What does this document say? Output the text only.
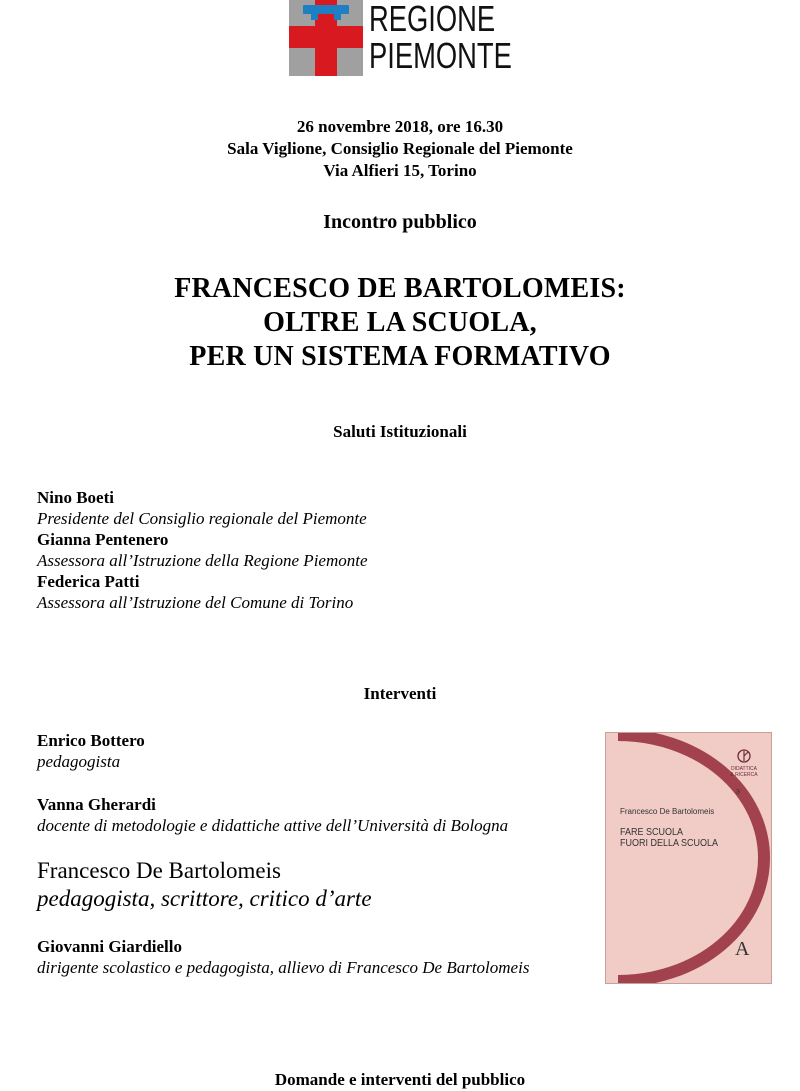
REGIONE
PIEMONTE
26 novembre 2018, ore 16.30
Sala Viglione, Consiglio Regionale del Piemonte
Via Alfieri 15, Torino
Incontro pubblico
FRANCESCO DE BARTOLOMEIS:
OLTRE LA SCUOLA,
PER UN SISTEMA FORMATIVO
Saluti Istituzionali
Nino Boeti
Presidente del Consiglio regionale del Piemonte
Gianna Pentenero
Assessora all’Istruzione della Regione Piemonte
Federica Patti
Assessora all’Istruzione del Comune di Torino
Interventi
Enrico Bottero
pedagogista
Vanna Gherardi
docente di metodologie e didattiche attive dell’Università di Bologna
Francesco De Bartolomeis
pedagogista, scrittore, critico d’arte
Giovanni Giardiello
dirigente scolastico e pedagogista, allievo di Francesco De Bartolomeis
DIDATTICA
& RICERCA
3
Francesco De Bartolomeis
FARE SCUOLA
FUORI DELLA SCUOLA
A
Domande e interventi del pubblico
